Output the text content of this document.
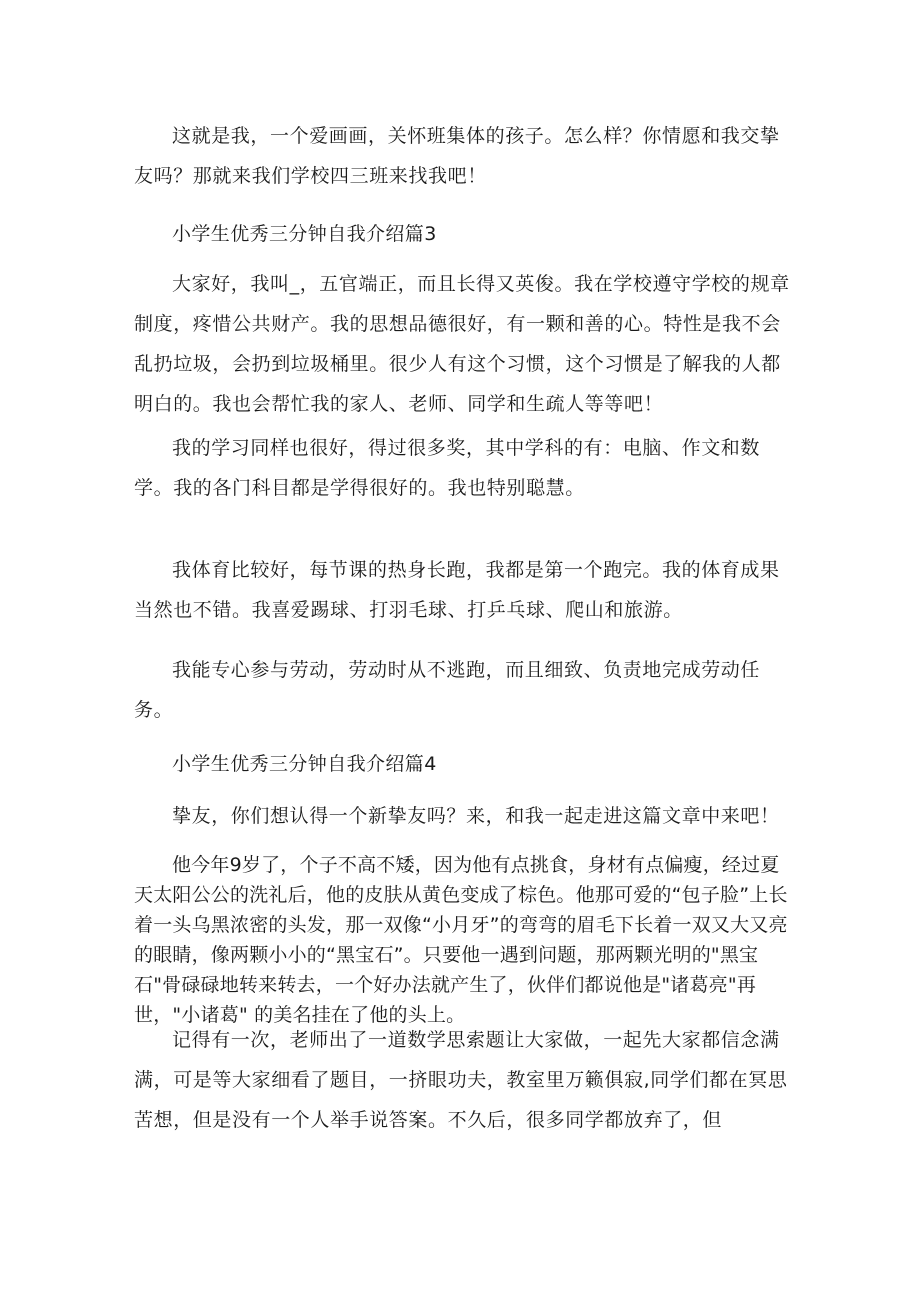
这就是我，一个爱画画，关怀班集体的孩子。怎么样？你情愿和我交挚友吗？那就来我们学校四三班来找我吧！

小学生优秀三分钟自我介绍篇3

大家好，我叫_，五官端正，而且长得又英俊。我在学校遵守学校的规章制度，疼惜公共财产。我的思想品德很好，有一颗和善的心。特性是我不会乱扔垃圾，会扔到垃圾桶里。很少人有这个习惯，这个习惯是了解我的人都明白的。我也会帮忙我的家人、老师、同学和生疏人等等吧！

我的学习同样也很好，得过很多奖，其中学科的有：电脑、作文和数学。我的各门科目都是学得很好的。我也特别聪慧。

我体育比较好，每节课的热身长跑，我都是第一个跑完。我的体育成果当然也不错。我喜爱踢球、打羽毛球、打乒乓球、爬山和旅游。

我能专心参与劳动，劳动时从不逃跑，而且细致、负责地完成劳动任务。

小学生优秀三分钟自我介绍篇4

挚友，你们想认得一个新挚友吗？来，和我一起走进这篇文章中来吧！

他今年9岁了，个子不高不矮，因为他有点挑食，身材有点偏瘦，经过夏天太阳公公的洗礼后，他的皮肤从黄色变成了棕色。他那可爱的“包子脸”上长着一头乌黑浓密的头发，那一双像“小月牙”的弯弯的眉毛下长着一双又大又亮的眼睛，像两颗小小的“黑宝石”。只要他一遇到问题，那两颗光明的"黑宝石"骨碌碌地转来转去，一个好办法就产生了，伙伴们都说他是"诸葛亮"再世，"小诸葛" 的美名挂在了他的头上。

记得有一次，老师出了一道数学思索题让大家做，一起先大家都信念满满，可是等大家细看了题目，一挤眼功夫，教室里万籁俱寂,同学们都在冥思苦想，但是没有一个人举手说答案。不久后，很多同学都放弃了，但
